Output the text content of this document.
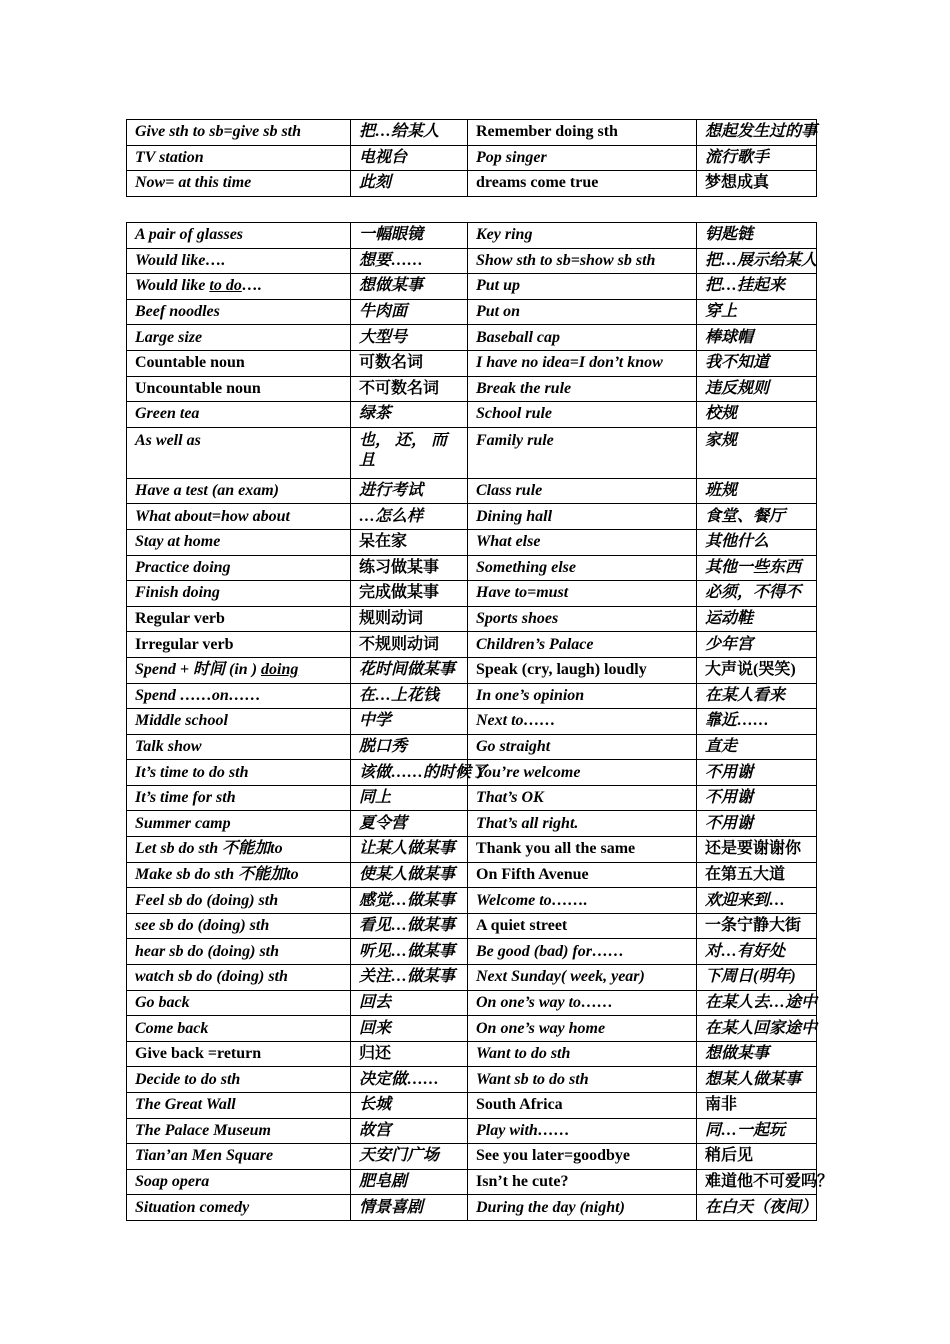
Give sth to sb=give sb sth	把…给某人	Remember doing sth	想起发生过的事
TV station	电视台	Pop singer	流行歌手
Now= at this time	此刻	dreams come true	梦想成真
A pair of glasses	一幅眼镜	Key ring	钥匙链
Would like….	想要……	Show sth to sb=show sb sth	把…展示给某人
Would like to do….	想做某事	Put up	把…挂起来
Beef noodles	牛肉面	Put on	穿上
Large size	大型号	Baseball cap	棒球帽
Countable noun	可数名词	I have no idea=I don’t know	我不知道
Uncountable noun	不可数名词	Break the rule	违反规则
Green tea	绿茶	School rule	校规
As well as	也， 还， 而且	Family rule	家规
Have a test (an exam)	进行考试	Class rule	班规
What about=how about	…怎么样	Dining hall	食堂、餐厅
Stay at home	呆在家	What else	其他什么
Practice doing	练习做某事	Something else	其他一些东西
Finish doing	完成做某事	Have to=must	必须，不得不
Regular verb	规则动词	Sports shoes	运动鞋
Irregular verb	不规则动词	Children’s Palace	少年宫
Spend + 时间 (in ) doing	花时间做某事	Speak (cry, laugh) loudly	大声说(哭笑)
Spend ……on……	在…上花钱	In one’s opinion	在某人看来
Middle school	中学	Next to……	靠近……
Talk show	脱口秀	Go straight	直走
It’s time to do sth	该做……的时候了	You’re welcome	不用谢
It’s time for sth	同上	That’s OK	不用谢
Summer camp	夏令营	That’s all right.	不用谢
Let sb do sth 不能加to	让某人做某事	Thank you all the same	还是要谢谢你
Make sb do sth 不能加to	使某人做某事	On Fifth Avenue	在第五大道
Feel sb do (doing) sth	感觉…做某事	Welcome to…….	欢迎来到…
see sb do (doing) sth	看见…做某事	A quiet street	一条宁静大街
hear sb do (doing) sth	听见…做某事	Be good (bad) for……	对…有好处
watch sb do (doing) sth	关注…做某事	Next Sunday( week, year)	下周日(明年)
Go back	回去	On one’s way to……	在某人去…途中
Come back	回来	On one’s way home	在某人回家途中
Give back =return	归还	Want to do sth	想做某事
Decide to do sth	决定做……	Want sb to do sth	想某人做某事
The Great Wall	长城	South Africa	南非
The Palace Museum	故宫	Play with……	同…一起玩
Tian’an Men Square	天安门广场	See you later=goodbye	稍后见
Soap opera	肥皂剧	Isn’t he cute?	难道他不可爱吗？
Situation comedy	情景喜剧	During the day (night)	在白天（夜间）
